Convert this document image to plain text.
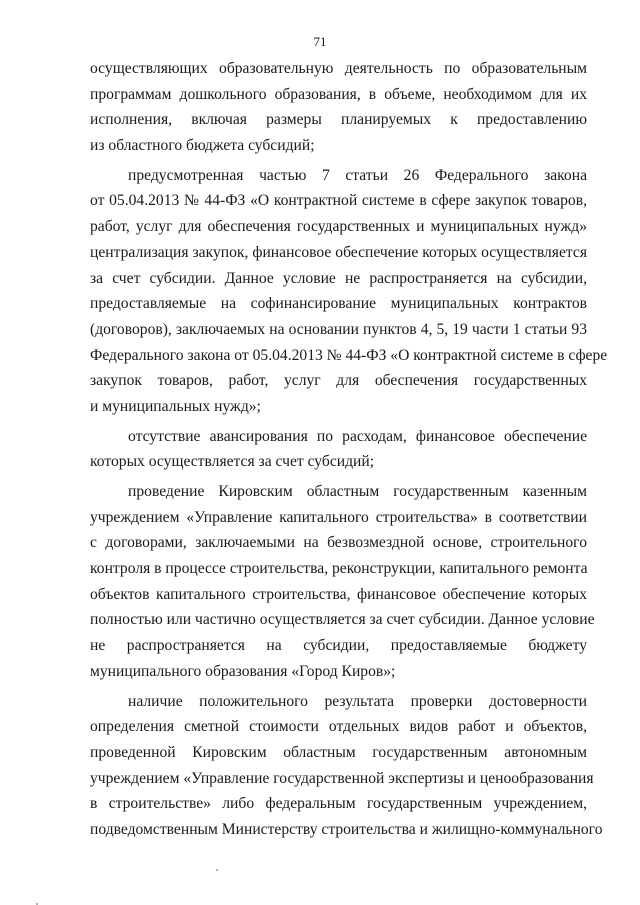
71
осуществляющих образовательную деятельность по образовательным
программам дошкольного образования, в объеме, необходимом для их
исполнения, включая размеры планируемых к предоставлению
из областного бюджета субсидий;
предусмотренная частью 7 статьи 26 Федерального закона
от 05.04.2013 № 44-ФЗ «О контрактной системе в сфере закупок товаров,
работ, услуг для обеспечения государственных и муниципальных нужд»
централизация закупок, финансовое обеспечение которых осуществляется
за счет субсидии. Данное условие не распространяется на субсидии,
предоставляемые на софинансирование муниципальных контрактов
(договоров), заключаемых на основании пунктов 4, 5, 19 части 1 статьи 93
Федерального закона от 05.04.2013 № 44-ФЗ «О контрактной системе в сфере
закупок товаров, работ, услуг для обеспечения государственных
и муниципальных нужд»;
отсутствие авансирования по расходам, финансовое обеспечение
которых осуществляется за счет субсидий;
проведение Кировским областным государственным казенным
учреждением «Управление капитального строительства» в соответствии
с договорами, заключаемыми на безвозмездной основе, строительного
контроля в процессе строительства, реконструкции, капитального ремонта
объектов капитального строительства, финансовое обеспечение которых
полностью или частично осуществляется за счет субсидии. Данное условие
не распространяется на субсидии, предоставляемые бюджету
муниципального образования «Город Киров»;
наличие положительного результата проверки достоверности
определения сметной стоимости отдельных видов работ и объектов,
проведенной Кировским областным государственным автономным
учреждением «Управление государственной экспертизы и ценообразования
в строительстве» либо федеральным государственным учреждением,
подведомственным Министерству строительства и жилищно-коммунального
